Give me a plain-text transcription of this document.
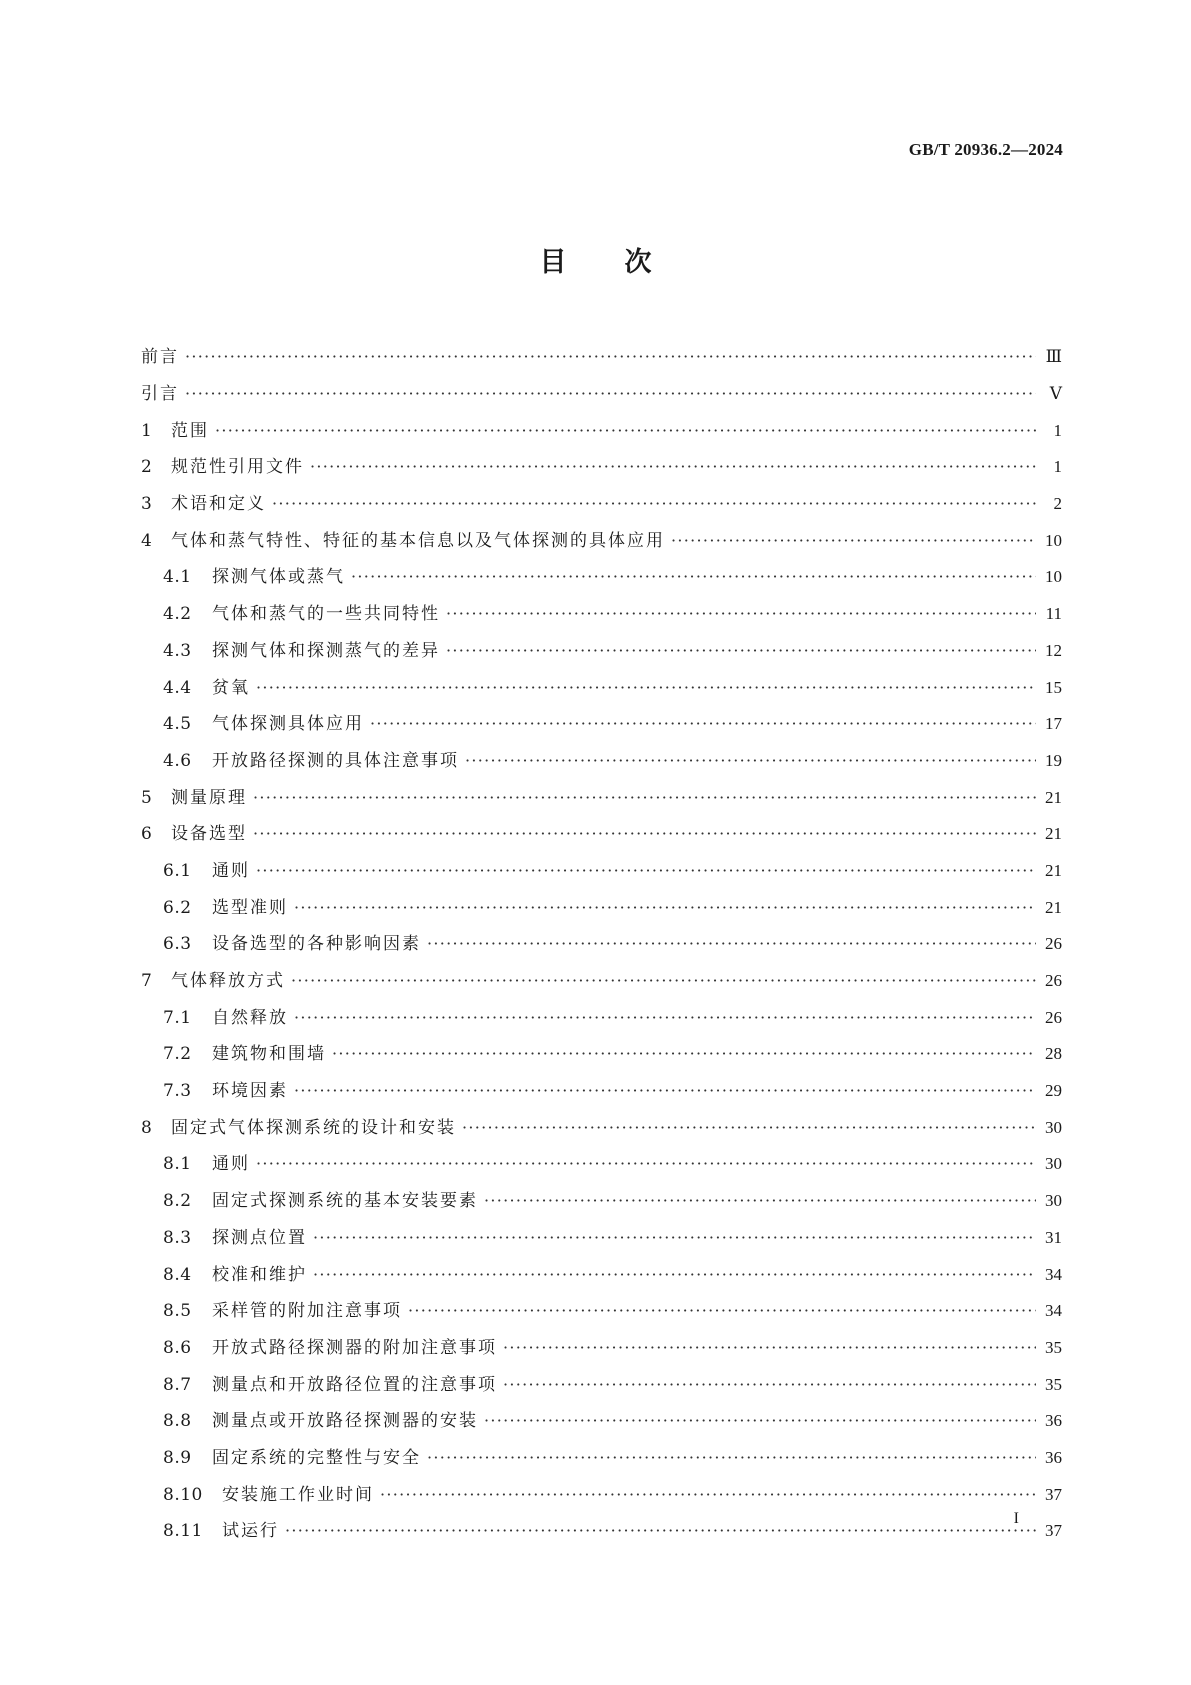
GB/T 20936.2—2024
目次
前言 ·····	Ⅲ
引言 ·····	Ⅴ
1	范围 ·····	1
2	规范性引用文件 ·····	1
3	术语和定义 ·····	2
4	气体和蒸气特性、特征的基本信息以及气体探测的具体应用 ·····	10
4.1	探测气体或蒸气 ·····	10
4.2	气体和蒸气的一些共同特性 ·····	11
4.3	探测气体和探测蒸气的差异 ·····	12
4.4	贫氧 ·····	15
4.5	气体探测具体应用 ·····	17
4.6	开放路径探测的具体注意事项 ·····	19
5	测量原理 ·····	21
6	设备选型 ·····	21
6.1	通则 ·····	21
6.2	选型准则 ·····	21
6.3	设备选型的各种影响因素 ·····	26
7	气体释放方式 ·····	26
7.1	自然释放 ·····	26
7.2	建筑物和围墙 ·····	28
7.3	环境因素 ·····	29
8	固定式气体探测系统的设计和安装 ·····	30
8.1	通则 ·····	30
8.2	固定式探测系统的基本安装要素 ·····	30
8.3	探测点位置 ·····	31
8.4	校准和维护 ·····	34
8.5	采样管的附加注意事项 ·····	34
8.6	开放式路径探测器的附加注意事项 ·····	35
8.7	测量点和开放路径位置的注意事项 ·····	35
8.8	测量点或开放路径探测器的安装 ·····	36
8.9	固定系统的完整性与安全 ·····	36
8.10	安装施工作业时间 ·····	37
8.11	试运行 ·····	37
I
